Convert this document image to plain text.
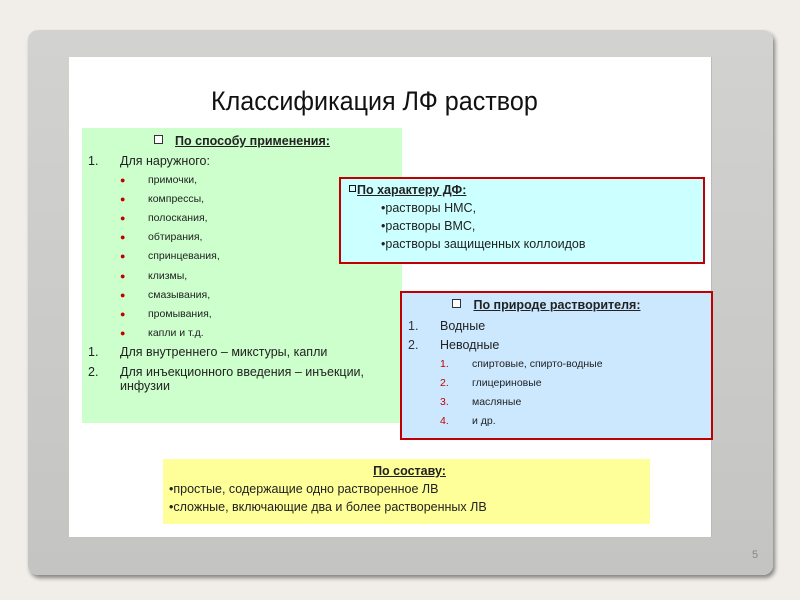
Классификация ЛФ раствор
По способу применения:
1.	Для наружного:
●	примочки,
●	компрессы,
●	полоскания,
●	обтирания,
●	спринцевания,
●	клизмы,
●	смазывания,
●	промывания,
●	капли и т.д.
1.	Для внутреннего – микстуры, капли
2.	Для инъекционного введения – инъекции,
инфузии
По характеру ДФ:
•растворы НМС,
•растворы ВМС,
•растворы защищенных коллоидов
По природе растворителя:
1.	Водные
2.	Неводные
1.	спиртовые, спирто-водные
2.	глицериновые
3.	масляные
4.	и др.
По составу:
•простые, содержащие одно растворенное ЛВ
•сложные, включающие два и более растворенных ЛВ
5
